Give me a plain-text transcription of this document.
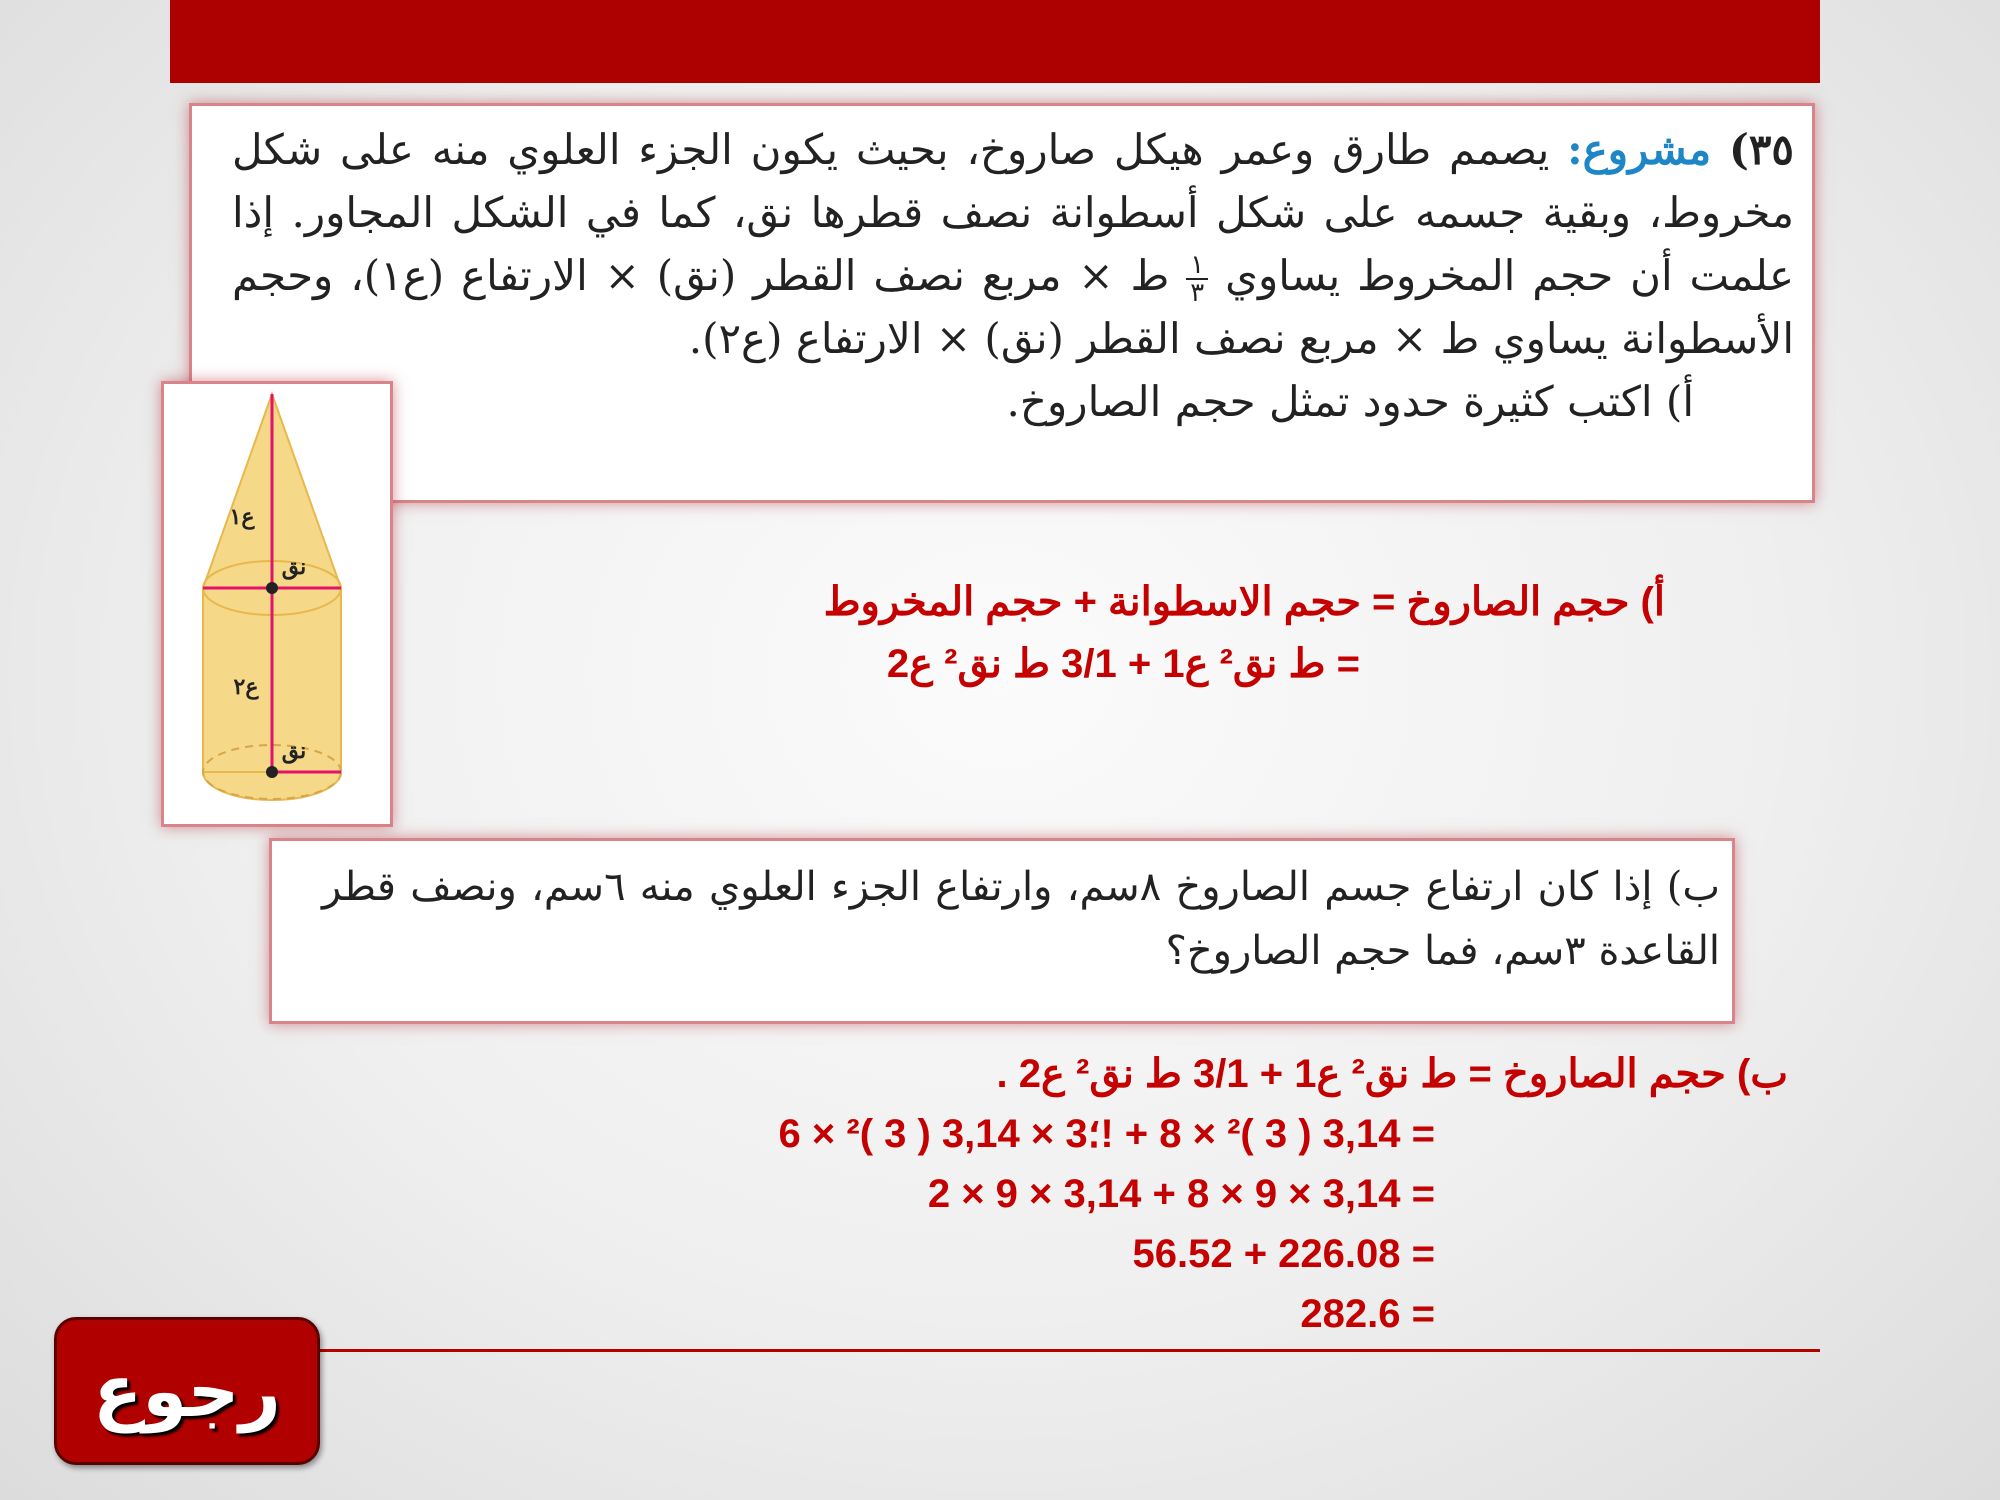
٣٥) مشروع: يصمم طارق وعمر هيكل صاروخ، بحيث يكون الجزء العلوي منه على شكل مخروط، وبقية جسمه على شكل أسطوانة نصف قطرها نق، كما في الشكل المجاور. إذا علمت أن حجم المخروط يساوي
$\frac{١}{٣}$
ط × مربع نصف القطر (نق) × الارتفاع (ع١)، وحجم الأسطوانة يساوي ط × مربع نصف القطر (نق) × الارتفاع (ع٢).

أ) اكتب كثيرة حدود تمثل حجم الصاروخ.

ع١
نق
ع٢
نق
أ) حجم الصاروخ = حجم الاسطوانة + حجم المخروط
= ط نق² ع1 + 3/1 ط نق² ع2

ب) إذا كان ارتفاع جسم الصاروخ ٨سم، وارتفاع الجزء العلوي منه ٦سم، ونصف قطر القاعدة ٣سم، فما حجم الصاروخ؟

ب) حجم الصاروخ = ط نق² ع1 + 3/1 ط نق² ع2 .
= 3,14 ( 3 )² × 8 + !؛3 × 3,14 ( 3 )² × 6
= 3,14 × 9 × 8 + 3,14 × 9 × 2
= 226.08 + 56.52
= 282.6
رجوع
